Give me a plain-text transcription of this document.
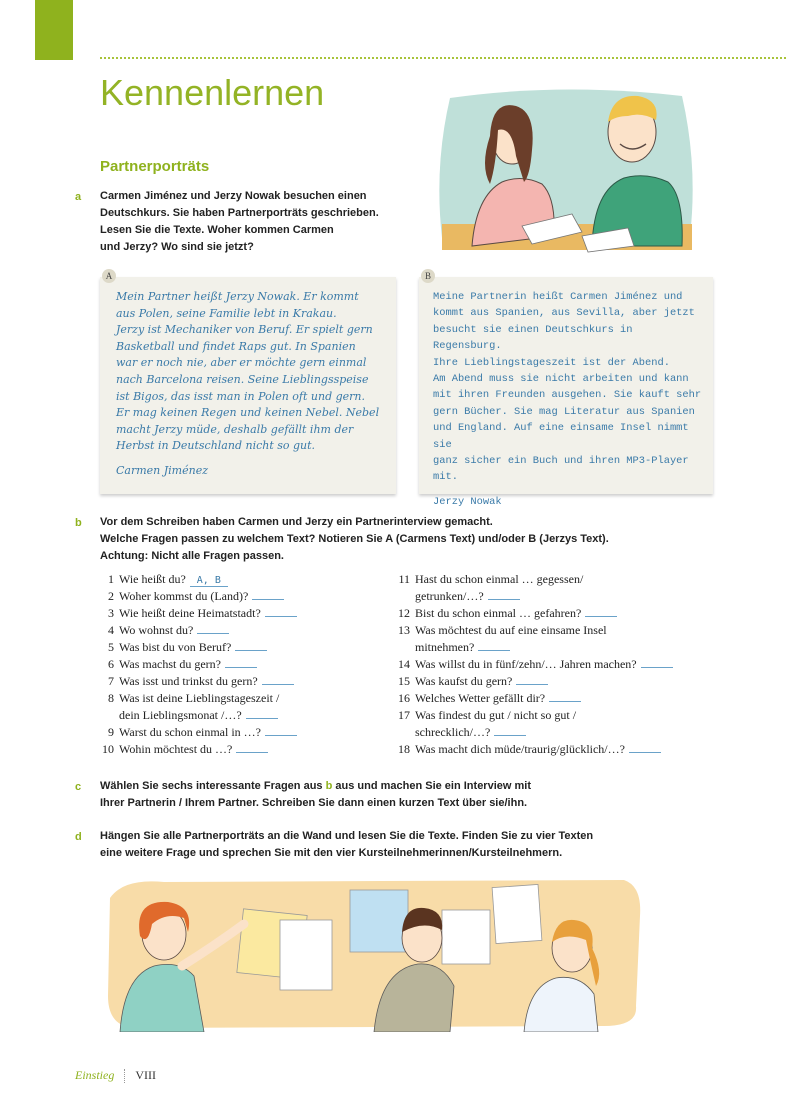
Kennenlernen
Partnerporträts
a Carmen Jiménez und Jerzy Nowak besuchen einen
Deutschkurs. Sie haben Partnerporträts geschrieben.
Lesen Sie die Texte. Woher kommen Carmen
und Jerzy? Wo sind sie jetzt?
A

Mein Partner heißt Jerzy Nowak. Er kommt

aus Polen, seine Familie lebt in Krakau.

Jerzy ist Mechaniker von Beruf. Er spielt gern

Basketball und findet Raps gut. In Spanien

war er noch nie, aber er möchte gern einmal

nach Barcelona reisen. Seine Lieblingsspeise

ist Bigos, das isst man in Polen oft und gern.

Er mag keinen Regen und keinen Nebel. Nebel

macht Jerzy müde, deshalb gefällt ihm der

Herbst in Deutschland nicht so gut.

Carmen Jiménez

B

Meine Partnerin heißt Carmen Jiménez und

kommt aus Spanien, aus Sevilla, aber jetzt

besucht sie einen Deutschkurs in Regensburg.

Ihre Lieblingstageszeit ist der Abend.

Am Abend muss sie nicht arbeiten und kann

mit ihren Freunden ausgehen. Sie kauft sehr

gern Bücher. Sie mag Literatur aus Spanien

und England. Auf eine einsame Insel nimmt sie

ganz sicher ein Buch und ihren MP3-Player mit.

Jerzy Nowak

b Vor dem Schreiben haben Carmen und Jerzy ein Partnerinterview gemacht.
Welche Fragen passen zu welchem Text? Notieren Sie A (Carmens Text) und/oder B (Jerzys Text).
Achtung: Nicht alle Fragen passen.
1 Wie heißt du? A, B
2 Woher kommst du (Land)?
3 Wie heißt deine Heimatstadt?
4 Wo wohnst du?
5 Was bist du von Beruf?
6 Was machst du gern?
7 Was isst und trinkst du gern?
8 Was ist deine Lieblingstageszeit /
dein Lieblingsmonat /…?
9 Warst du schon einmal in …?
10 Wohin möchtest du …?
11 Hast du schon einmal … gegessen/
getrunken/…?
12 Bist du schon einmal … gefahren?
13 Was möchtest du auf eine einsame Insel
mitnehmen?
14 Was willst du in fünf/zehn/… Jahren machen?
15 Was kaufst du gern?
16 Welches Wetter gefällt dir?
17 Was findest du gut / nicht so gut /
schrecklich/…?
18 Was macht dich müde/traurig/glücklich/…?
c Wählen Sie sechs interessante Fragen aus b aus und machen Sie ein Interview mit
Ihrer Partnerin / Ihrem Partner. Schreiben Sie dann einen kurzen Text über sie/ihn.
d Hängen Sie alle Partnerporträts an die Wand und lesen Sie die Texte. Finden Sie zu vier Texten
eine weitere Frage und sprechen Sie mit den vier Kursteilnehmerinnen/Kursteilnehmern.
Einstieg VIII
